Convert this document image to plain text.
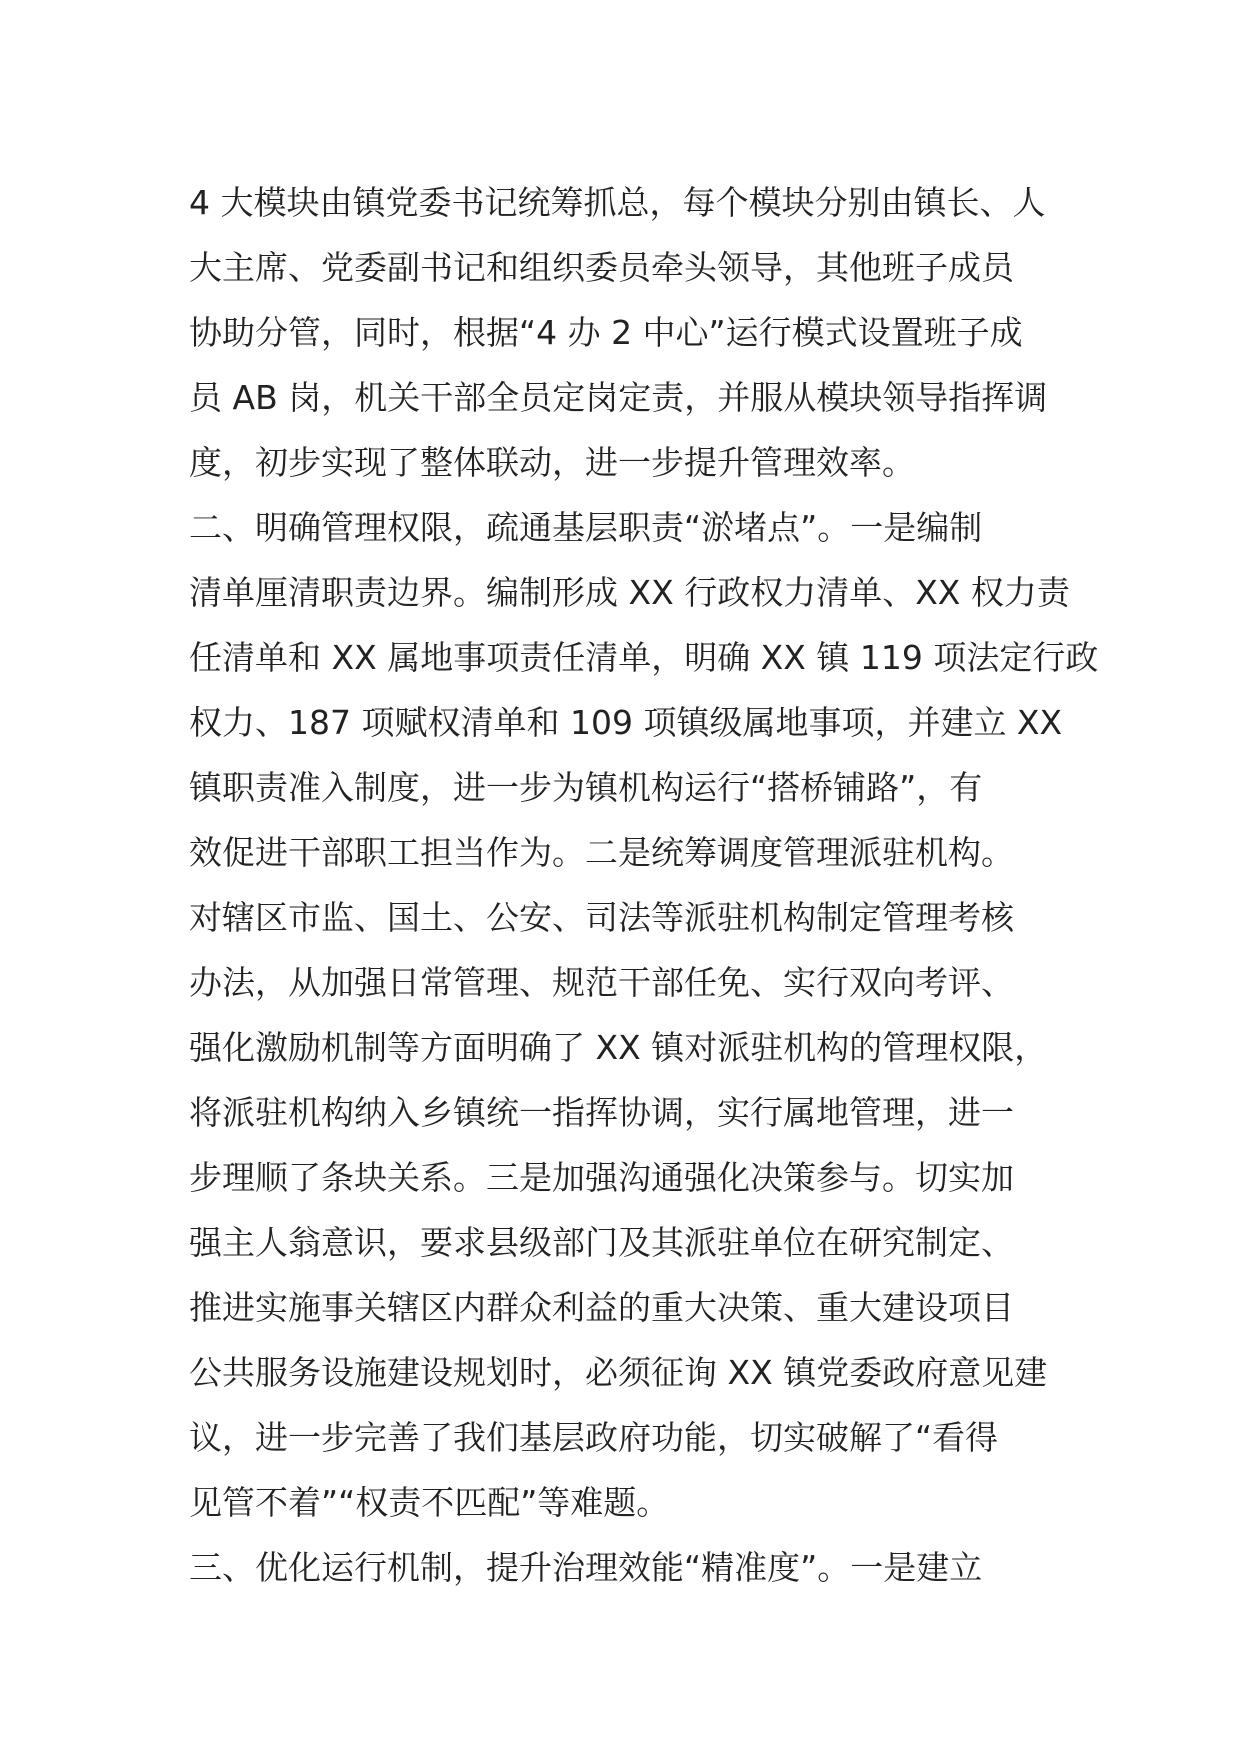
4 大模块由镇党委书记统筹抓总，每个模块分别由镇长、人
大主席、党委副书记和组织委员牵头领导，其他班子成员
协助分管，同时，根据“4 办 2 中心”运行模式设置班子成
员 AB 岗，机关干部全员定岗定责，并服从模块领导指挥调
度，初步实现了整体联动，进一步提升管理效率。
二、明确管理权限，疏通基层职责“淤堵点”。一是编制
清单厘清职责边界。编制形成 XX 行政权力清单、XX 权力责
任清单和 XX 属地事项责任清单，明确 XX 镇 119 项法定行政
权力、187 项赋权清单和 109 项镇级属地事项，并建立 XX
镇职责准入制度，进一步为镇机构运行“搭桥铺路”，有
效促进干部职工担当作为。二是统筹调度管理派驻机构。
对辖区市监、国土、公安、司法等派驻机构制定管理考核
办法，从加强日常管理、规范干部任免、实行双向考评、
强化激励机制等方面明确了 XX 镇对派驻机构的管理权限，
将派驻机构纳入乡镇统一指挥协调，实行属地管理，进一
步理顺了条块关系。三是加强沟通强化决策参与。切实加
强主人翁意识，要求县级部门及其派驻单位在研究制定、
推进实施事关辖区内群众利益的重大决策、重大建设项目
公共服务设施建设规划时，必须征询 XX 镇党委政府意见建
议，进一步完善了我们基层政府功能，切实破解了“看得
见管不着”“权责不匹配”等难题。
三、优化运行机制，提升治理效能“精准度”。一是建立
